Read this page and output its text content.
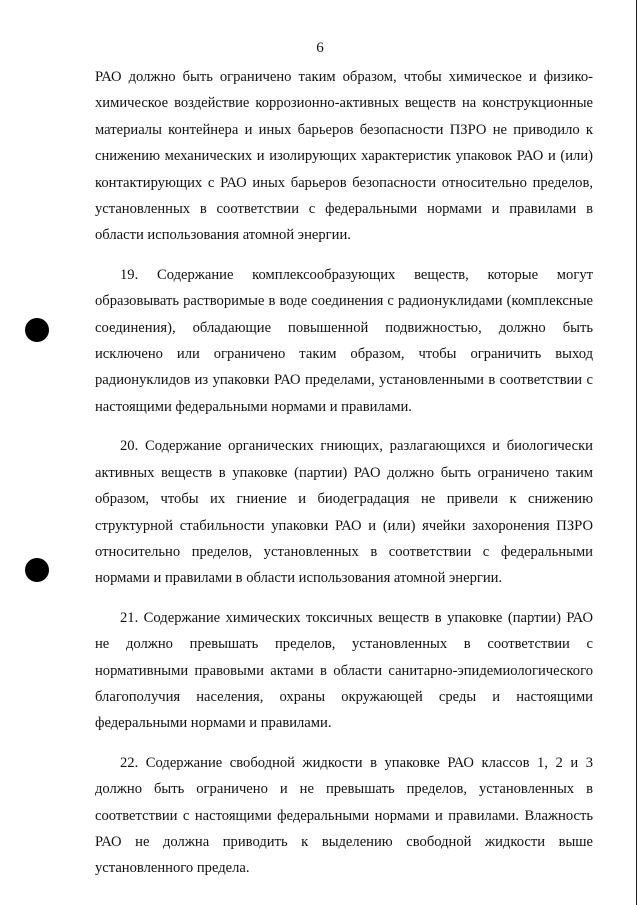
6

РАО должно быть ограничено таким образом, чтобы химическое и физико-химическое воздействие коррозионно-активных веществ на конструкционные материалы контейнера и иных барьеров безопасности ПЗРО не приводило к снижению механических и изолирующих характеристик упаковок РАО и (или) контактирующих с РАО иных барьеров безопасности относительно пределов, установленных в соответствии с федеральными нормами и правилами в области использования атомной энергии.

19. Содержание комплексообразующих веществ, которые могут образовывать растворимые в воде соединения с радионуклидами (комплексные соединения), обладающие повышенной подвижностью, должно быть исключено или ограничено таким образом, чтобы ограничить выход радионуклидов из упаковки РАО пределами, установленными в соответствии с настоящими федеральными нормами и правилами.

20. Содержание органических гниющих, разлагающихся и биологически активных веществ в упаковке (партии) РАО должно быть ограничено таким образом, чтобы их гниение и биодеградация не привели к снижению структурной стабильности упаковки РАО и (или) ячейки захоронения ПЗРО относительно пределов, установленных в соответствии с федеральными нормами и правилами в области использования атомной энергии.

21. Содержание химических токсичных веществ в упаковке (партии) РАО не должно превышать пределов, установленных в соответствии с нормативными правовыми актами в области санитарно-эпидемиологического благополучия населения, охраны окружающей среды и настоящими федеральными нормами и правилами.

22. Содержание свободной жидкости в упаковке РАО классов 1, 2 и 3 должно быть ограничено и не превышать пределов, установленных в соответствии с настоящими федеральными нормами и правилами. Влажность РАО не должна приводить к выделению свободной жидкости выше установленного предела.
